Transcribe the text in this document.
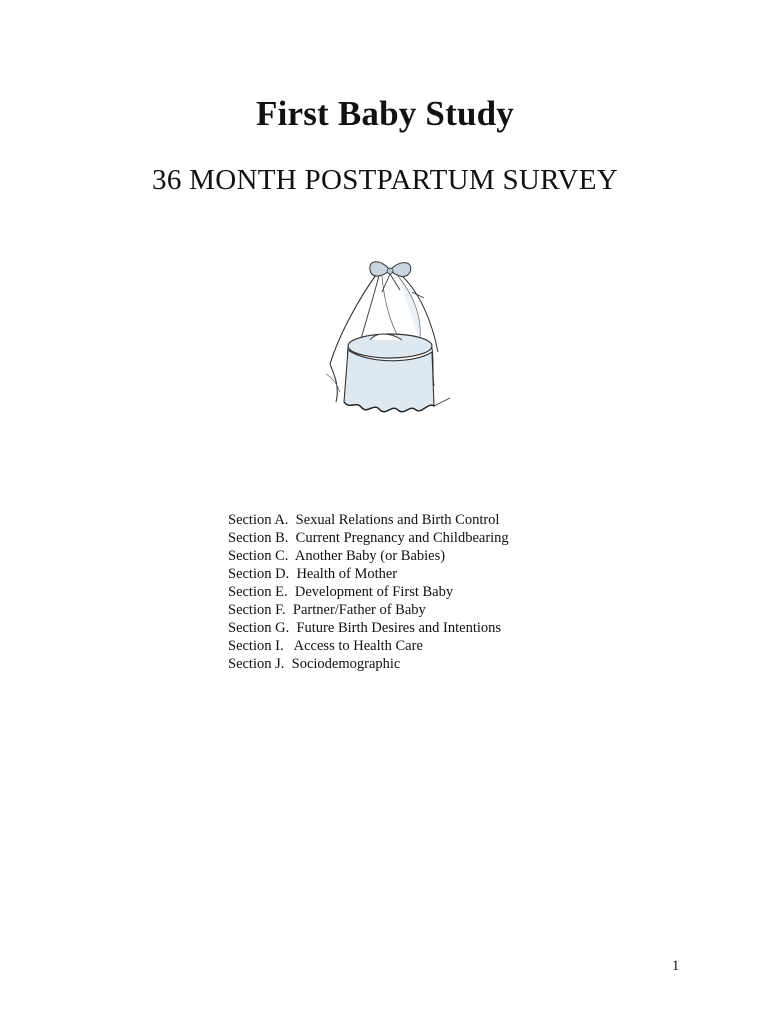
First Baby Study
36 MONTH POSTPARTUM SURVEY
Section A.  Sexual Relations and Birth Control
Section B.  Current Pregnancy and Childbearing
Section C.  Another Baby (or Babies)
Section D.  Health of Mother
Section E.  Development of First Baby
Section F.  Partner/Father of Baby
Section G.  Future Birth Desires and Intentions
Section I.   Access to Health Care
Section J.  Sociodemographic
1
